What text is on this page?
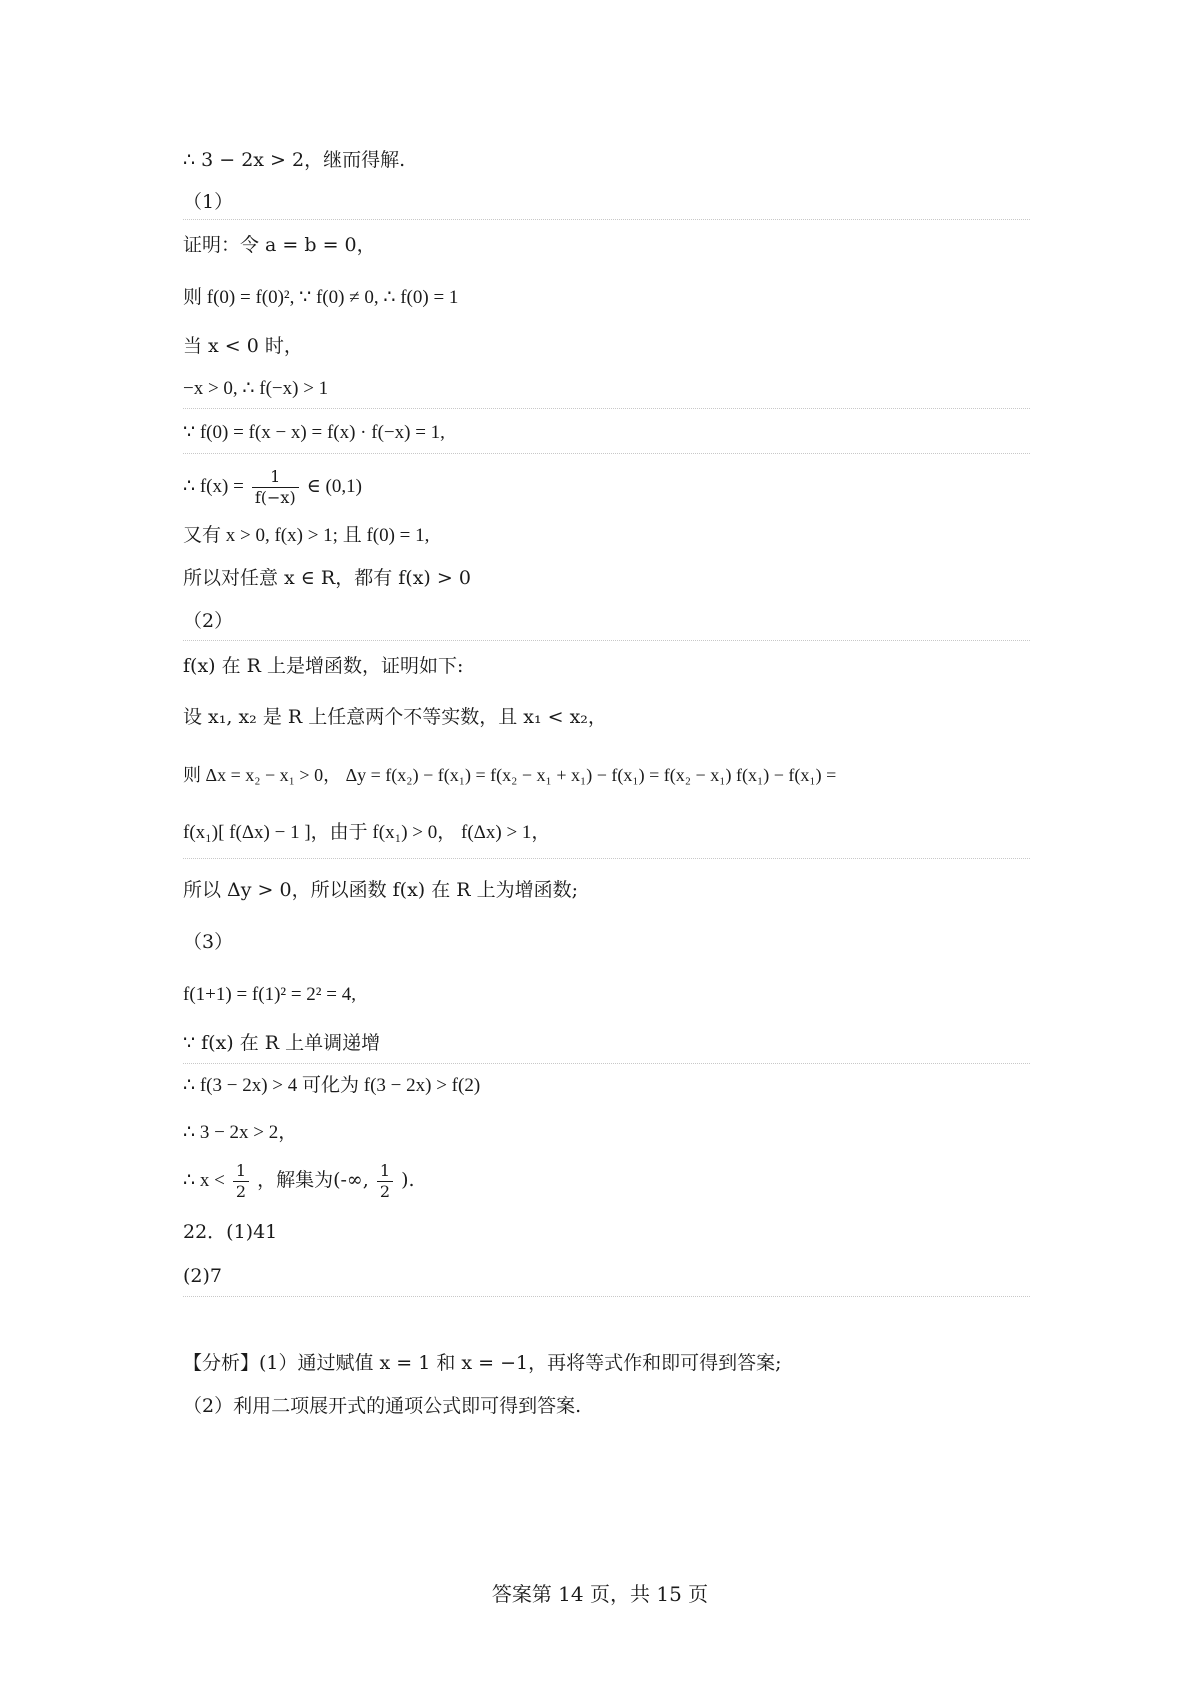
∴ 3 − 2x > 2，继而得解.
（1）
证明：令 a = b = 0，
则 f(0) = f(0)², ∵ f(0) ≠ 0, ∴ f(0) = 1
当 x < 0 时，
−x > 0, ∴ f(−x) > 1
∵ f(0) = f(x − x) = f(x) · f(−x) = 1,
∴ $f(x) = \frac{1}{f(-x)}$ ∈ (0,1)
又有 x > 0, f(x) > 1; 且 f(0) = 1,
所以对任意 x ∈ R，都有 f(x) > 0
（2）
f(x) 在 R 上是增函数，证明如下:
设 x₁, x₂ 是 R 上任意两个不等实数，且 x₁ < x₂，
则 Δx = x₂ − x₁ > 0， Δy = f(x₂) − f(x₁) = f(x₂ − x₁ + x₁) − f(x₁) = f(x₂ − x₁) f(x₁) − f(x₁) =
f(x₁)[ f(Δx) − 1 ]，由于 f(x₁) > 0， f(Δx) > 1，
所以 Δy > 0，所以函数 f(x) 在 R 上为增函数;
（3）
f(1+1) = f(1)² = 2² = 4,
∵ f(x) 在 R 上单调递增
∴ f(3 − 2x) > 4 可化为 f(3 − 2x) > f(2)
∴ 3 − 2x > 2，
∴ $x < \frac{1}{2}$ ，解集为(-∞, $\frac{1}{2}$ ).
22．(1)41
(2)7
【分析】(1）通过赋值 x = 1 和 x = −1，再将等式作和即可得到答案;
（2）利用二项展开式的通项公式即可得到答案.
答案第 14 页，共 15 页
